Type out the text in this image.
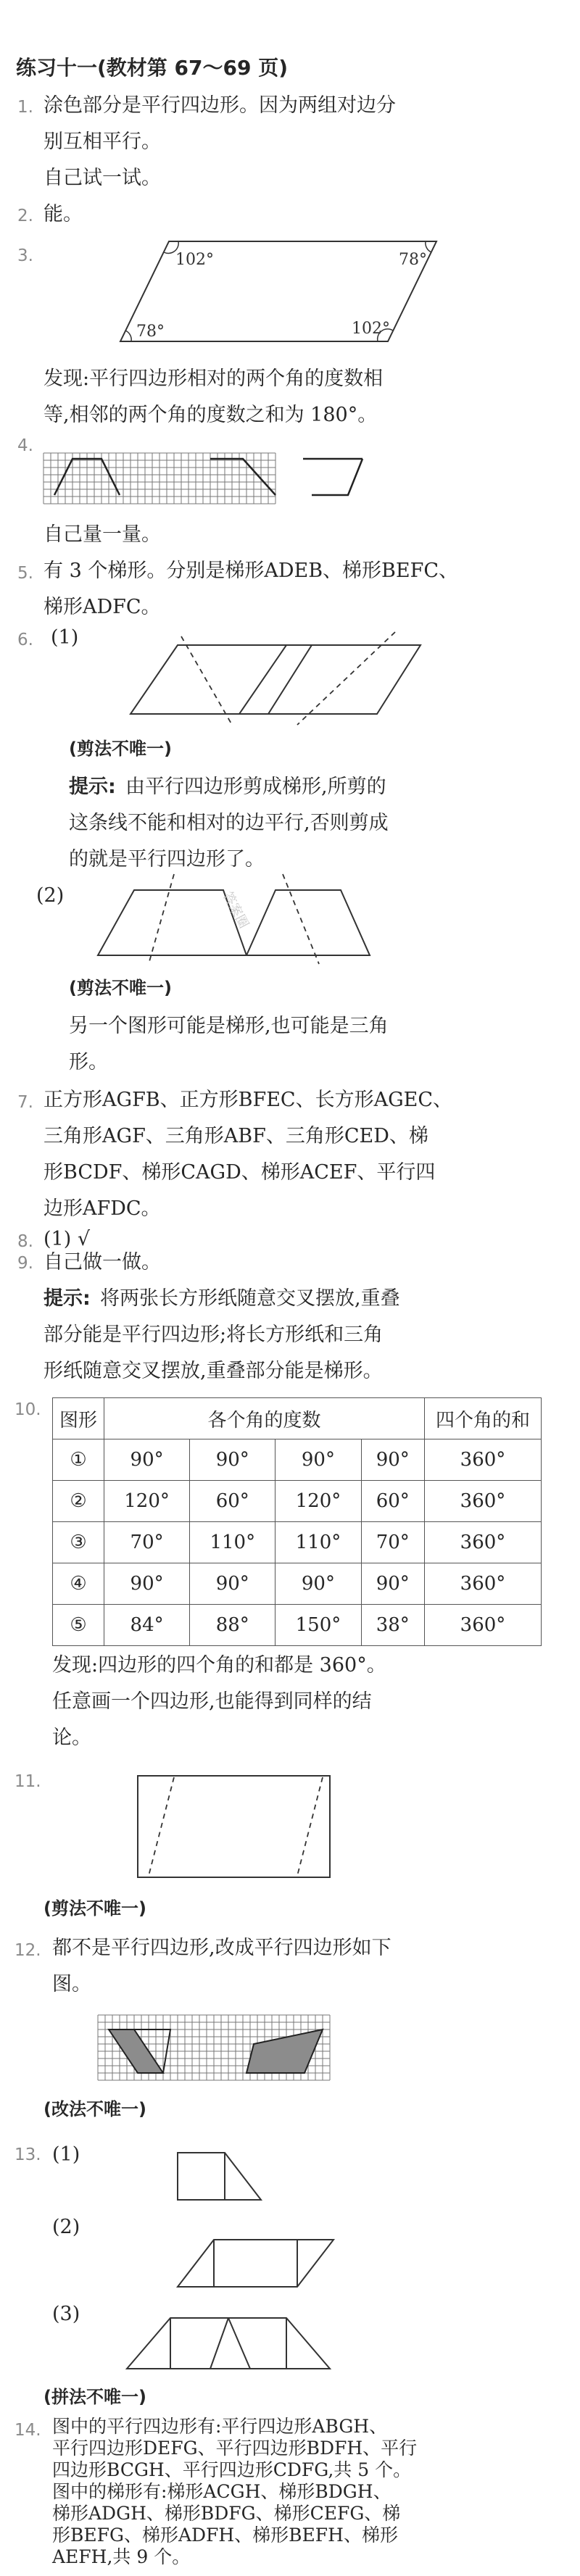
练习十一(教材第 67～69 页)
1. 涂色部分是平行四边形。因为两组对边分
别互相平行。
自己试一试。
2. 能。
3.	102°	78°
78°	102°
发现:平行四边形相对的两个角的度数相
等,相邻的两个角的度数之和为 180°。
4.
自己量一量。
5. 有 3 个梯形。分别是梯形ADEB、梯形BEFC、
梯形ADFC。
6. (1)
(剪法不唯一)
提示: 由平行四边形剪成梯形,所剪的
这条线不能和相对的边平行,否则剪成
的就是平行四边形了。
(2)	答案圈
(剪法不唯一)
另一个图形可能是梯形,也可能是三角
形。
7. 正方形AGFB、正方形BFEC、长方形AGEC、
三角形AGF、三角形ABF、三角形CED、梯
形BCDF、梯形CAGD、梯形ACEF、平行四
边形AFDC。
8. (1) √
9. 自己做一做。
提示: 将两张长方形纸随意交叉摆放,重叠
部分能是平行四边形;将长方形纸和三角
形纸随意交叉摆放,重叠部分能是梯形。
10. 图形	各个角的度数				四个角的和
①	90°	90°	90°	90°	360°
②	120°	60°	120°	60°	360°
③	70°	110°	110°	70°	360°
④	90°	90°	90°	90°	360°
⑤	84°	88°	150°	38°	360°
发现:四边形的四个角的和都是 360°。
任意画一个四边形,也能得到同样的结
论。
11.
(剪法不唯一)
12. 都不是平行四边形,改成平行四边形如下
图。
(改法不唯一)
13. (1)
(2)
(3)
(拼法不唯一)
14. 图中的平行四边形有:平行四边形ABGH、
平行四边形DEFG、平行四边形BDFH、平行
四边形BCGH、平行四边形CDFG,共 5 个。
图中的梯形有:梯形ACGH、梯形BDGH、
梯形ADGH、梯形BDFG、梯形CEFG、梯
形BEFG、梯形ADFH、梯形BEFH、梯形
AEFH,共 9 个。
